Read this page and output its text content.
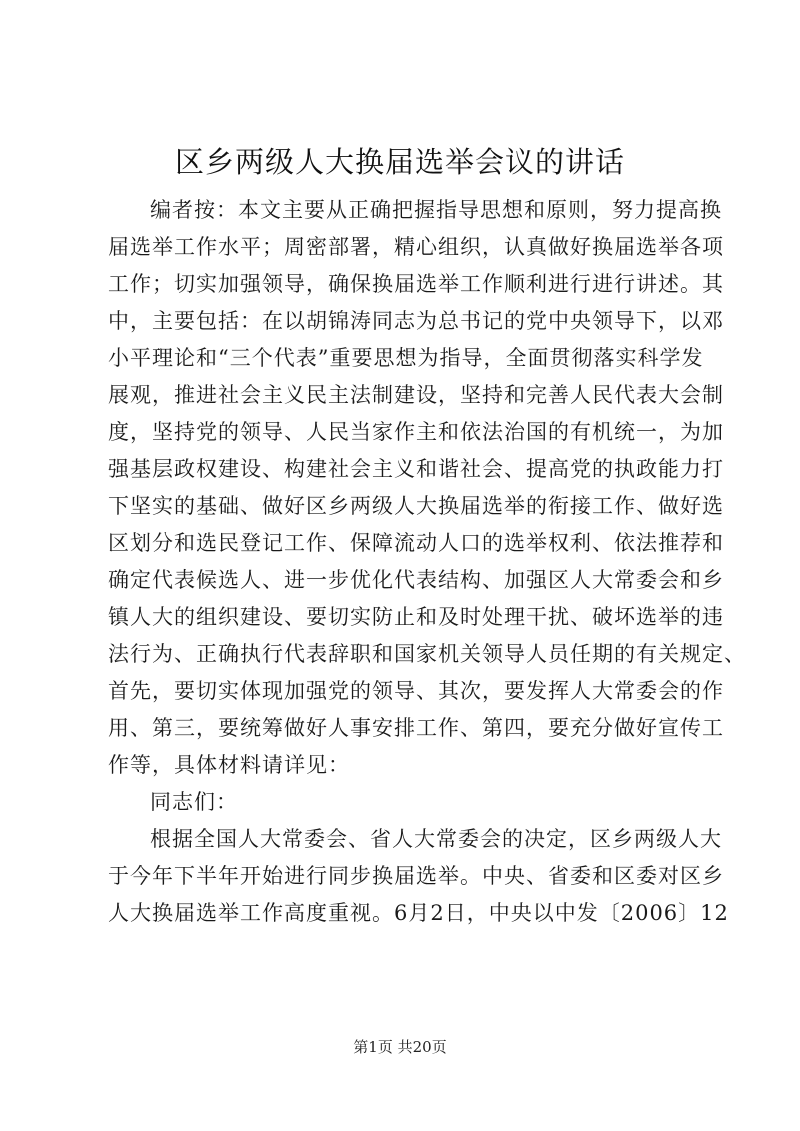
区乡两级人大换届选举会议的讲话
编者按：本文主要从正确把握指导思想和原则，努力提高换
届选举工作水平；周密部署，精心组织，认真做好换届选举各项
工作；切实加强领导，确保换届选举工作顺利进行进行讲述。其
中，主要包括：在以胡锦涛同志为总书记的党中央领导下，以邓
小平理论和“三个代表”重要思想为指导，全面贯彻落实科学发
展观，推进社会主义民主法制建设，坚持和完善人民代表大会制
度，坚持党的领导、人民当家作主和依法治国的有机统一，为加
强基层政权建设、构建社会主义和谐社会、提高党的执政能力打
下坚实的基础、做好区乡两级人大换届选举的衔接工作、做好选
区划分和选民登记工作、保障流动人口的选举权利、依法推荐和
确定代表候选人、进一步优化代表结构、加强区人大常委会和乡
镇人大的组织建设、要切实防止和及时处理干扰、破坏选举的违
法行为、正确执行代表辞职和国家机关领导人员任期的有关规定、
首先，要切实体现加强党的领导、其次，要发挥人大常委会的作
用、第三，要统筹做好人事安排工作、第四，要充分做好宣传工
作等，具体材料请详见：
同志们：
根据全国人大常委会、省人大常委会的决定，区乡两级人大
于今年下半年开始进行同步换届选举。中央、省委和区委对区乡
人大换届选举工作高度重视。6月2日，中央以中发〔2006〕12
第1页 共20页
